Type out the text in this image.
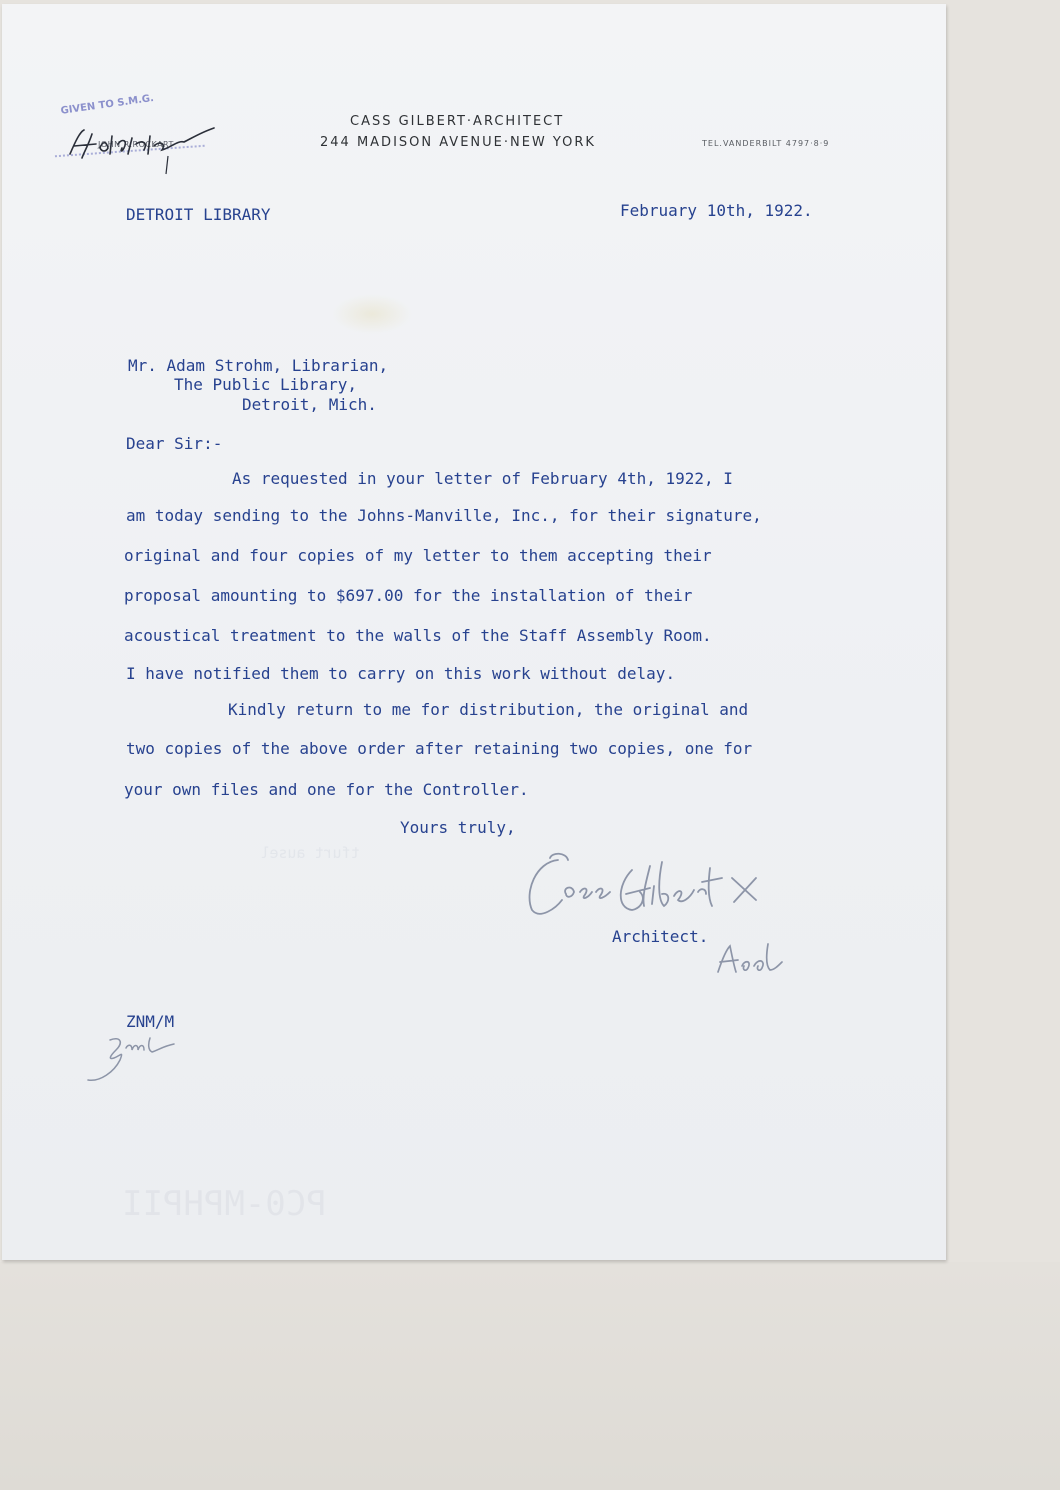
tfurt ausel
PC0-MPHPII
GIVEN TO S.M.G.
JOHN R.ROCKART
CASS GILBERT·ARCHITECT
244 MADISON AVENUE·NEW YORK	TEL.VANDERBILT 4797·8·9
DETROIT LIBRARY	February 10th, 1922.
Mr. Adam Strohm, Librarian,
The Public Library,
Detroit, Mich.
Dear Sir:-
As requested in your letter of February 4th, 1922, I
am today sending to the Johns-Manville, Inc., for their signature,
original and four copies of my letter to them accepting their
proposal amounting to $697.00 for the installation of their
acoustical treatment to the walls of the Staff Assembly Room.
I have notified them to carry on this work without delay.
Kindly return to me for distribution, the original and
two copies of the above order after retaining two copies, one for
your own files and one for the Controller.
Yours truly,
Architect.
ZNM/M
